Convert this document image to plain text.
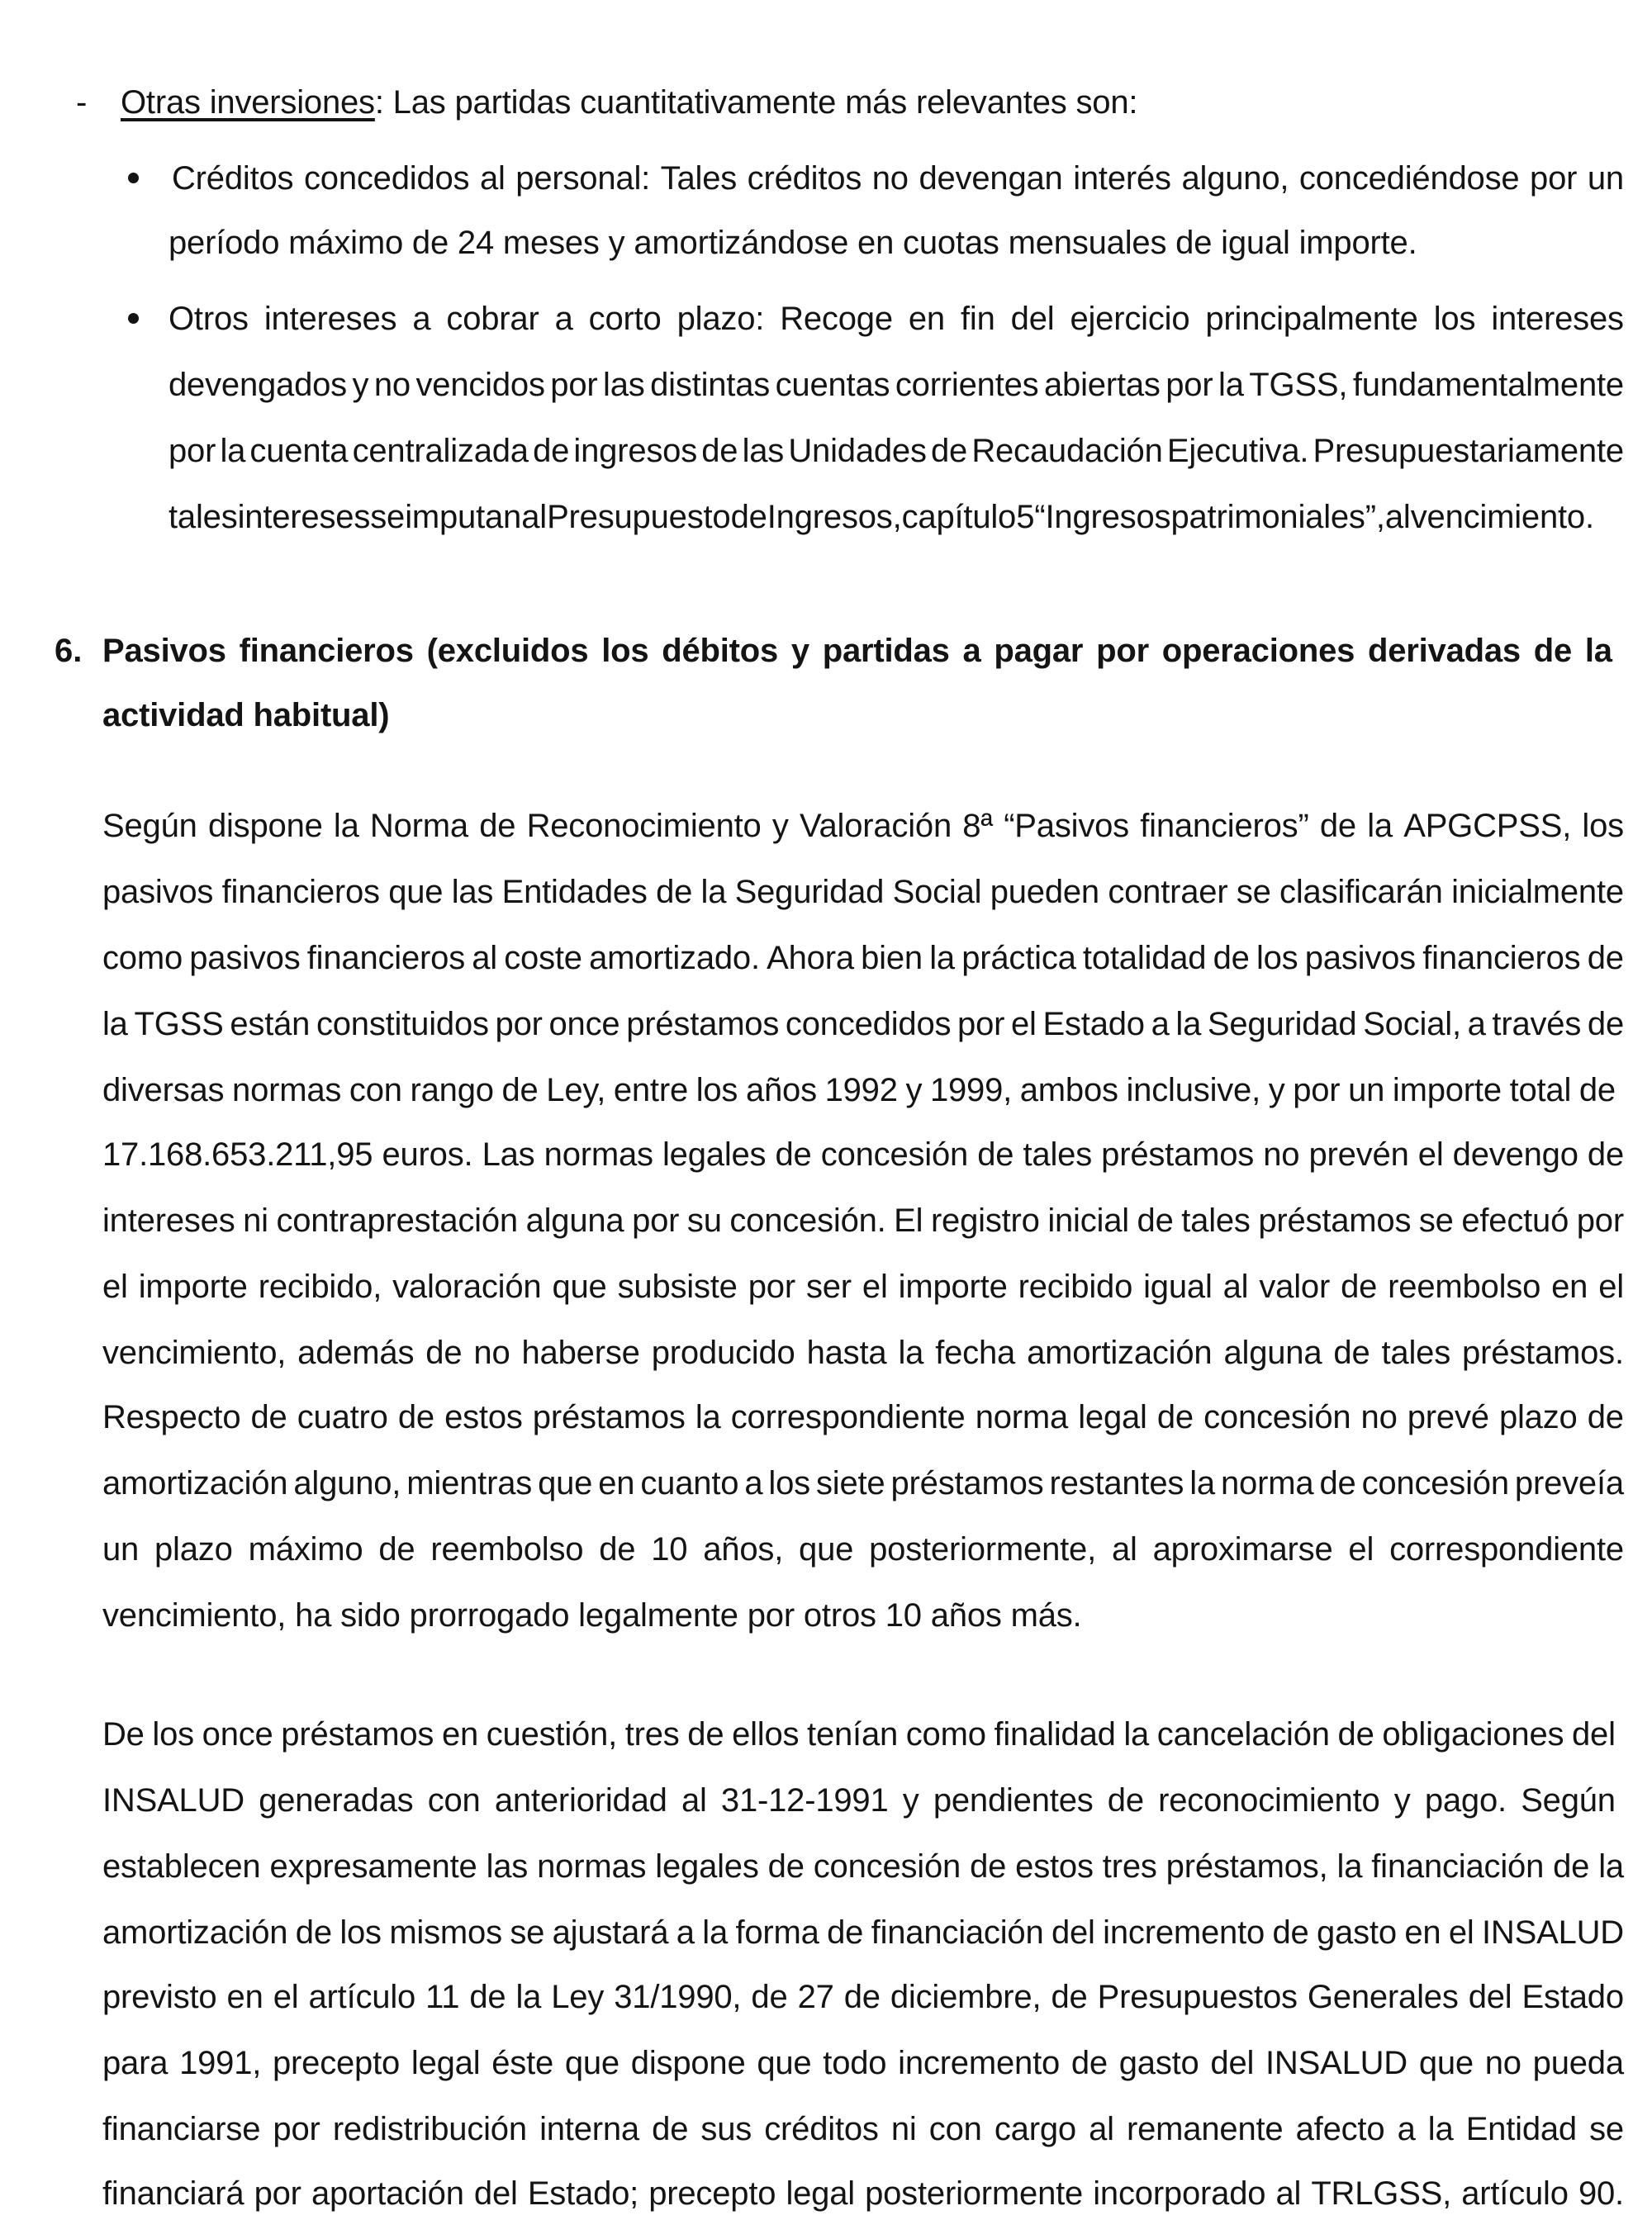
- Otras inversiones: Las partidas cuantitativamente más relevantes son:
Créditos concedidos al personal: Tales créditos no devengan interés alguno, concediéndose por un
período máximo de 24 meses y amortizándose en cuotas mensuales de igual importe.
Otros intereses a cobrar a corto plazo: Recoge en fin del ejercicio principalmente los intereses
devengados y no vencidos por las distintas cuentas corrientes abiertas por la TGSS, fundamentalmente
por la cuenta centralizada de ingresos de las Unidades de Recaudación Ejecutiva. Presupuestariamente
tales intereses se imputan al Presupuesto de Ingresos, capítulo 5 “Ingresos patrimoniales”, al vencimiento.
6. Pasivos financieros (excluidos los débitos y partidas a pagar por operaciones derivadas de la
actividad habitual)
Según dispone la Norma de Reconocimiento y Valoración 8ª “Pasivos financieros” de la APGCPSS, los
pasivos financieros que las Entidades de la Seguridad Social pueden contraer se clasificarán inicialmente
como pasivos financieros al coste amortizado. Ahora bien la práctica totalidad de los pasivos financieros de
la TGSS están constituidos por once préstamos concedidos por el Estado a la Seguridad Social, a través de
diversas normas con rango de Ley, entre los años 1992 y 1999, ambos inclusive, y por un importe total de
17.168.653.211,95 euros. Las normas legales de concesión de tales préstamos no prevén el devengo de
intereses ni contraprestación alguna por su concesión. El registro inicial de tales préstamos se efectuó por
el importe recibido, valoración que subsiste por ser el importe recibido igual al valor de reembolso en el
vencimiento, además de no haberse producido hasta la fecha amortización alguna de tales préstamos.
Respecto de cuatro de estos préstamos la correspondiente norma legal de concesión no prevé plazo de
amortización alguno, mientras que en cuanto a los siete préstamos restantes la norma de concesión preveía
un plazo máximo de reembolso de 10 años, que posteriormente, al aproximarse el correspondiente
vencimiento, ha sido prorrogado legalmente por otros 10 años más.
De los once préstamos en cuestión, tres de ellos tenían como finalidad la cancelación de obligaciones del
INSALUD generadas con anterioridad al 31-12-1991 y pendientes de reconocimiento y pago. Según
establecen expresamente las normas legales de concesión de estos tres préstamos, la financiación de la
amortización de los mismos se ajustará a la forma de financiación del incremento de gasto en el INSALUD
previsto en el artículo 11 de la Ley 31/1990, de 27 de diciembre, de Presupuestos Generales del Estado
para 1991, precepto legal éste que dispone que todo incremento de gasto del INSALUD que no pueda
financiarse por redistribución interna de sus créditos ni con cargo al remanente afecto a la Entidad se
financiará por aportación del Estado; precepto legal posteriormente incorporado al TRLGSS, artículo 90.
